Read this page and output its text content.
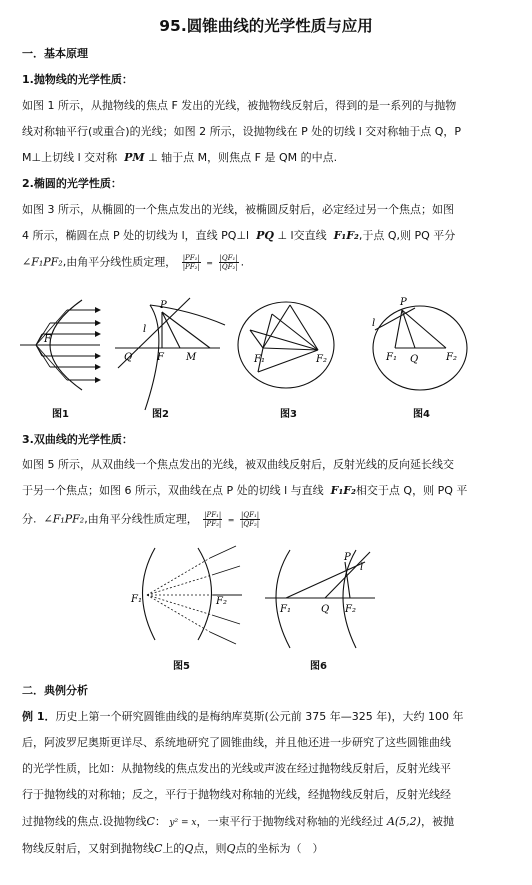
95.圆锥曲线的光学性质与应用
一．基本原理
1.抛物线的光学性质：
如图 1 所示，从抛物线的焦点 F 发出的光线，被抛物线反射后，得到的是一系列的与抛物
线对称轴平行(或重合)的光线；如图 2 所示，设抛物线在 P 处的切线 l 交对称轴于点 Q，P
M⊥上切线 l 交对称 PM ⊥ 轴于点 M，则焦点 F 是 QM 的中点.
2.椭圆的光学性质：
如图 3 所示，从椭圆的一个焦点发出的光线，被椭圆反射后，必定经过另一个焦点；如图
4 所示，椭圆在点 P 处的切线为 l，直线 PQ⊥l PQ ⊥ l交直线 F₁F₂,于点 Q,则 PQ 平分
∠F₁PF₂,由角平分线性质定理， $\frac{\text{|PF₁|}}{\text{|PF₂|}} = \frac{\text{|QF₁|}}{\text{|QF₂|}}$ .
F
P
l
Q F M	F₁	F₂
P
l
F₁ Q	F₂
图1	图2	图3	图4
3.双曲线的光学性质：
如图 5 所示，从双曲线一个焦点发出的光线，被双曲线反射后，反射光线的反向延长线交
于另一个焦点；如图 6 所示，双曲线在点 P 处的切线 l 与直线 F₁F₂相交于点 Q，则 PQ 平
分. ∠F₁PF₂,由角平分线性质定理， $\frac{\text{|PF₁|}}{\text{|PF₂|}} = \frac{\text{|QF₁|}}{\text{|QF₂|}}$
F₁	F₂
P
l
F₁	Q F₂
图5	图6
二．典例分析
例 1．历史上第一个研究圆锥曲线的是梅纳库莫斯(公元前 375 年—325 年)，大约 100 年
后，阿波罗尼奥斯更详尽、系统地研究了圆锥曲线，并且他还进一步研究了这些圆锥曲线
的光学性质，比如：从抛物线的焦点发出的光线或声波在经过抛物线反射后，反射光线平
行于抛物线的对称轴；反之，平行于抛物线对称轴的光线，经抛物线反射后，反射光线经
过抛物线的焦点.设抛物线C： y² = x，一束平行于抛物线对称轴的光线经过 A(5,2)，被抛
物线反射后，又射到抛物线C上的Q点，则Q点的坐标为（　）
